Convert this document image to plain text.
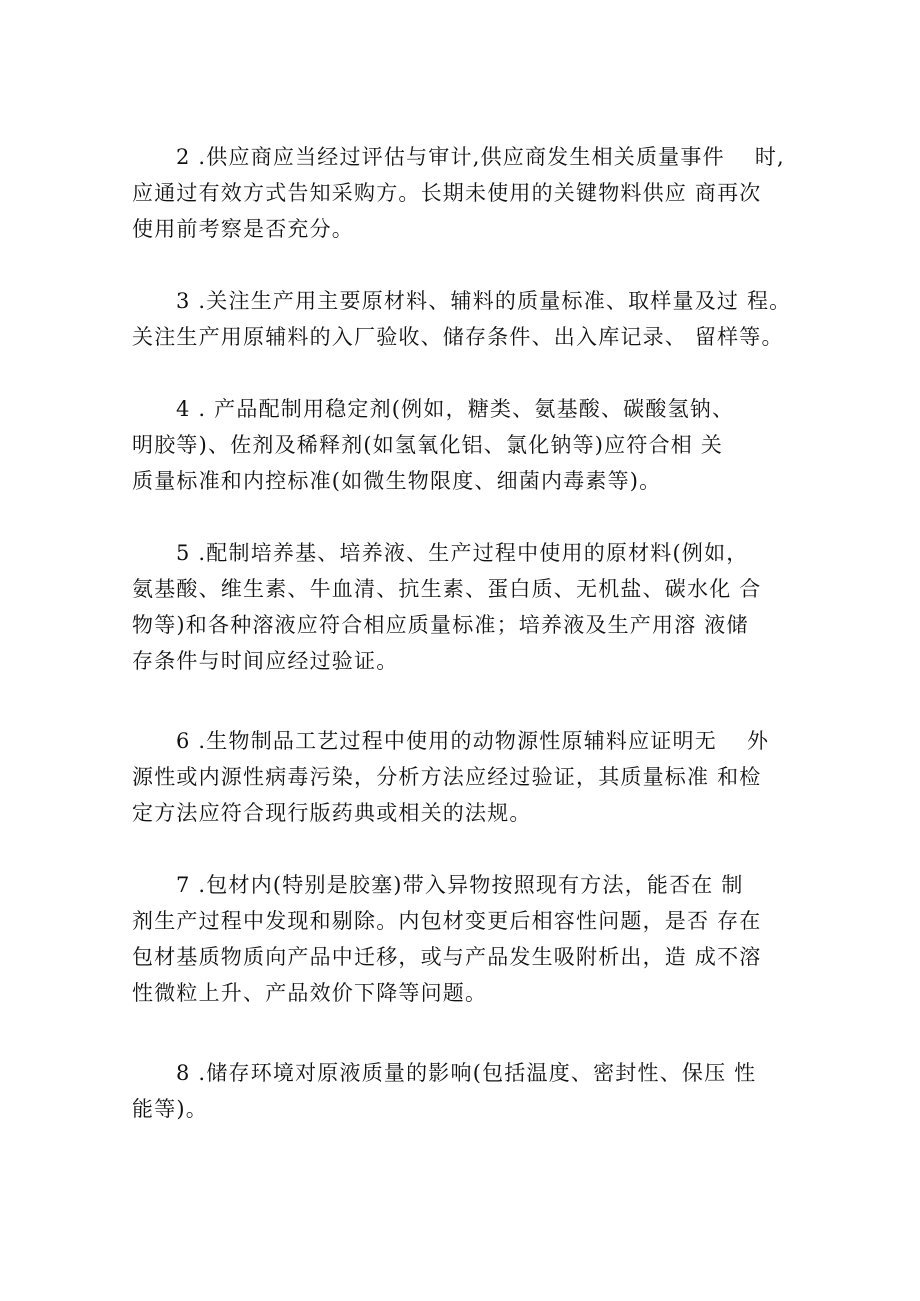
2 .供应商应当经过评估与审计,供应商发生相关质量事件　 时,
应通过有效方式告知采购方。长期未使用的关键物料供应 商再次
使用前考察是否充分。
3 .关注生产用主要原材料、辅料的质量标准、取样量及过 程。
关注生产用原辅料的入厂验收、储存条件、出入库记录、 留样等。
4 . 产品配制用稳定剂(例如，糖类、氨基酸、碳酸氢钠、
明胶等)、佐剂及稀释剂(如氢氧化铝、氯化钠等)应符合相 关
质量标准和内控标准(如微生物限度、细菌内毒素等)。
5 .配制培养基、培养液、生产过程中使用的原材料(例如，
氨基酸、维生素、牛血清、抗生素、蛋白质、无机盐、碳水化 合
物等)和各种溶液应符合相应质量标准；培养液及生产用溶 液储
存条件与时间应经过验证。
6 .生物制品工艺过程中使用的动物源性原辅料应证明无　 外
源性或内源性病毒污染，分析方法应经过验证，其质量标准 和检
定方法应符合现行版药典或相关的法规。
7 .包材内(特别是胶塞)带入异物按照现有方法，能否在 制
剂生产过程中发现和剔除。内包材变更后相容性问题，是否 存在
包材基质物质向产品中迁移，或与产品发生吸附析出，造 成不溶
性微粒上升、产品效价下降等问题。
8 .储存环境对原液质量的影响(包括温度、密封性、保压 性
能等)。
